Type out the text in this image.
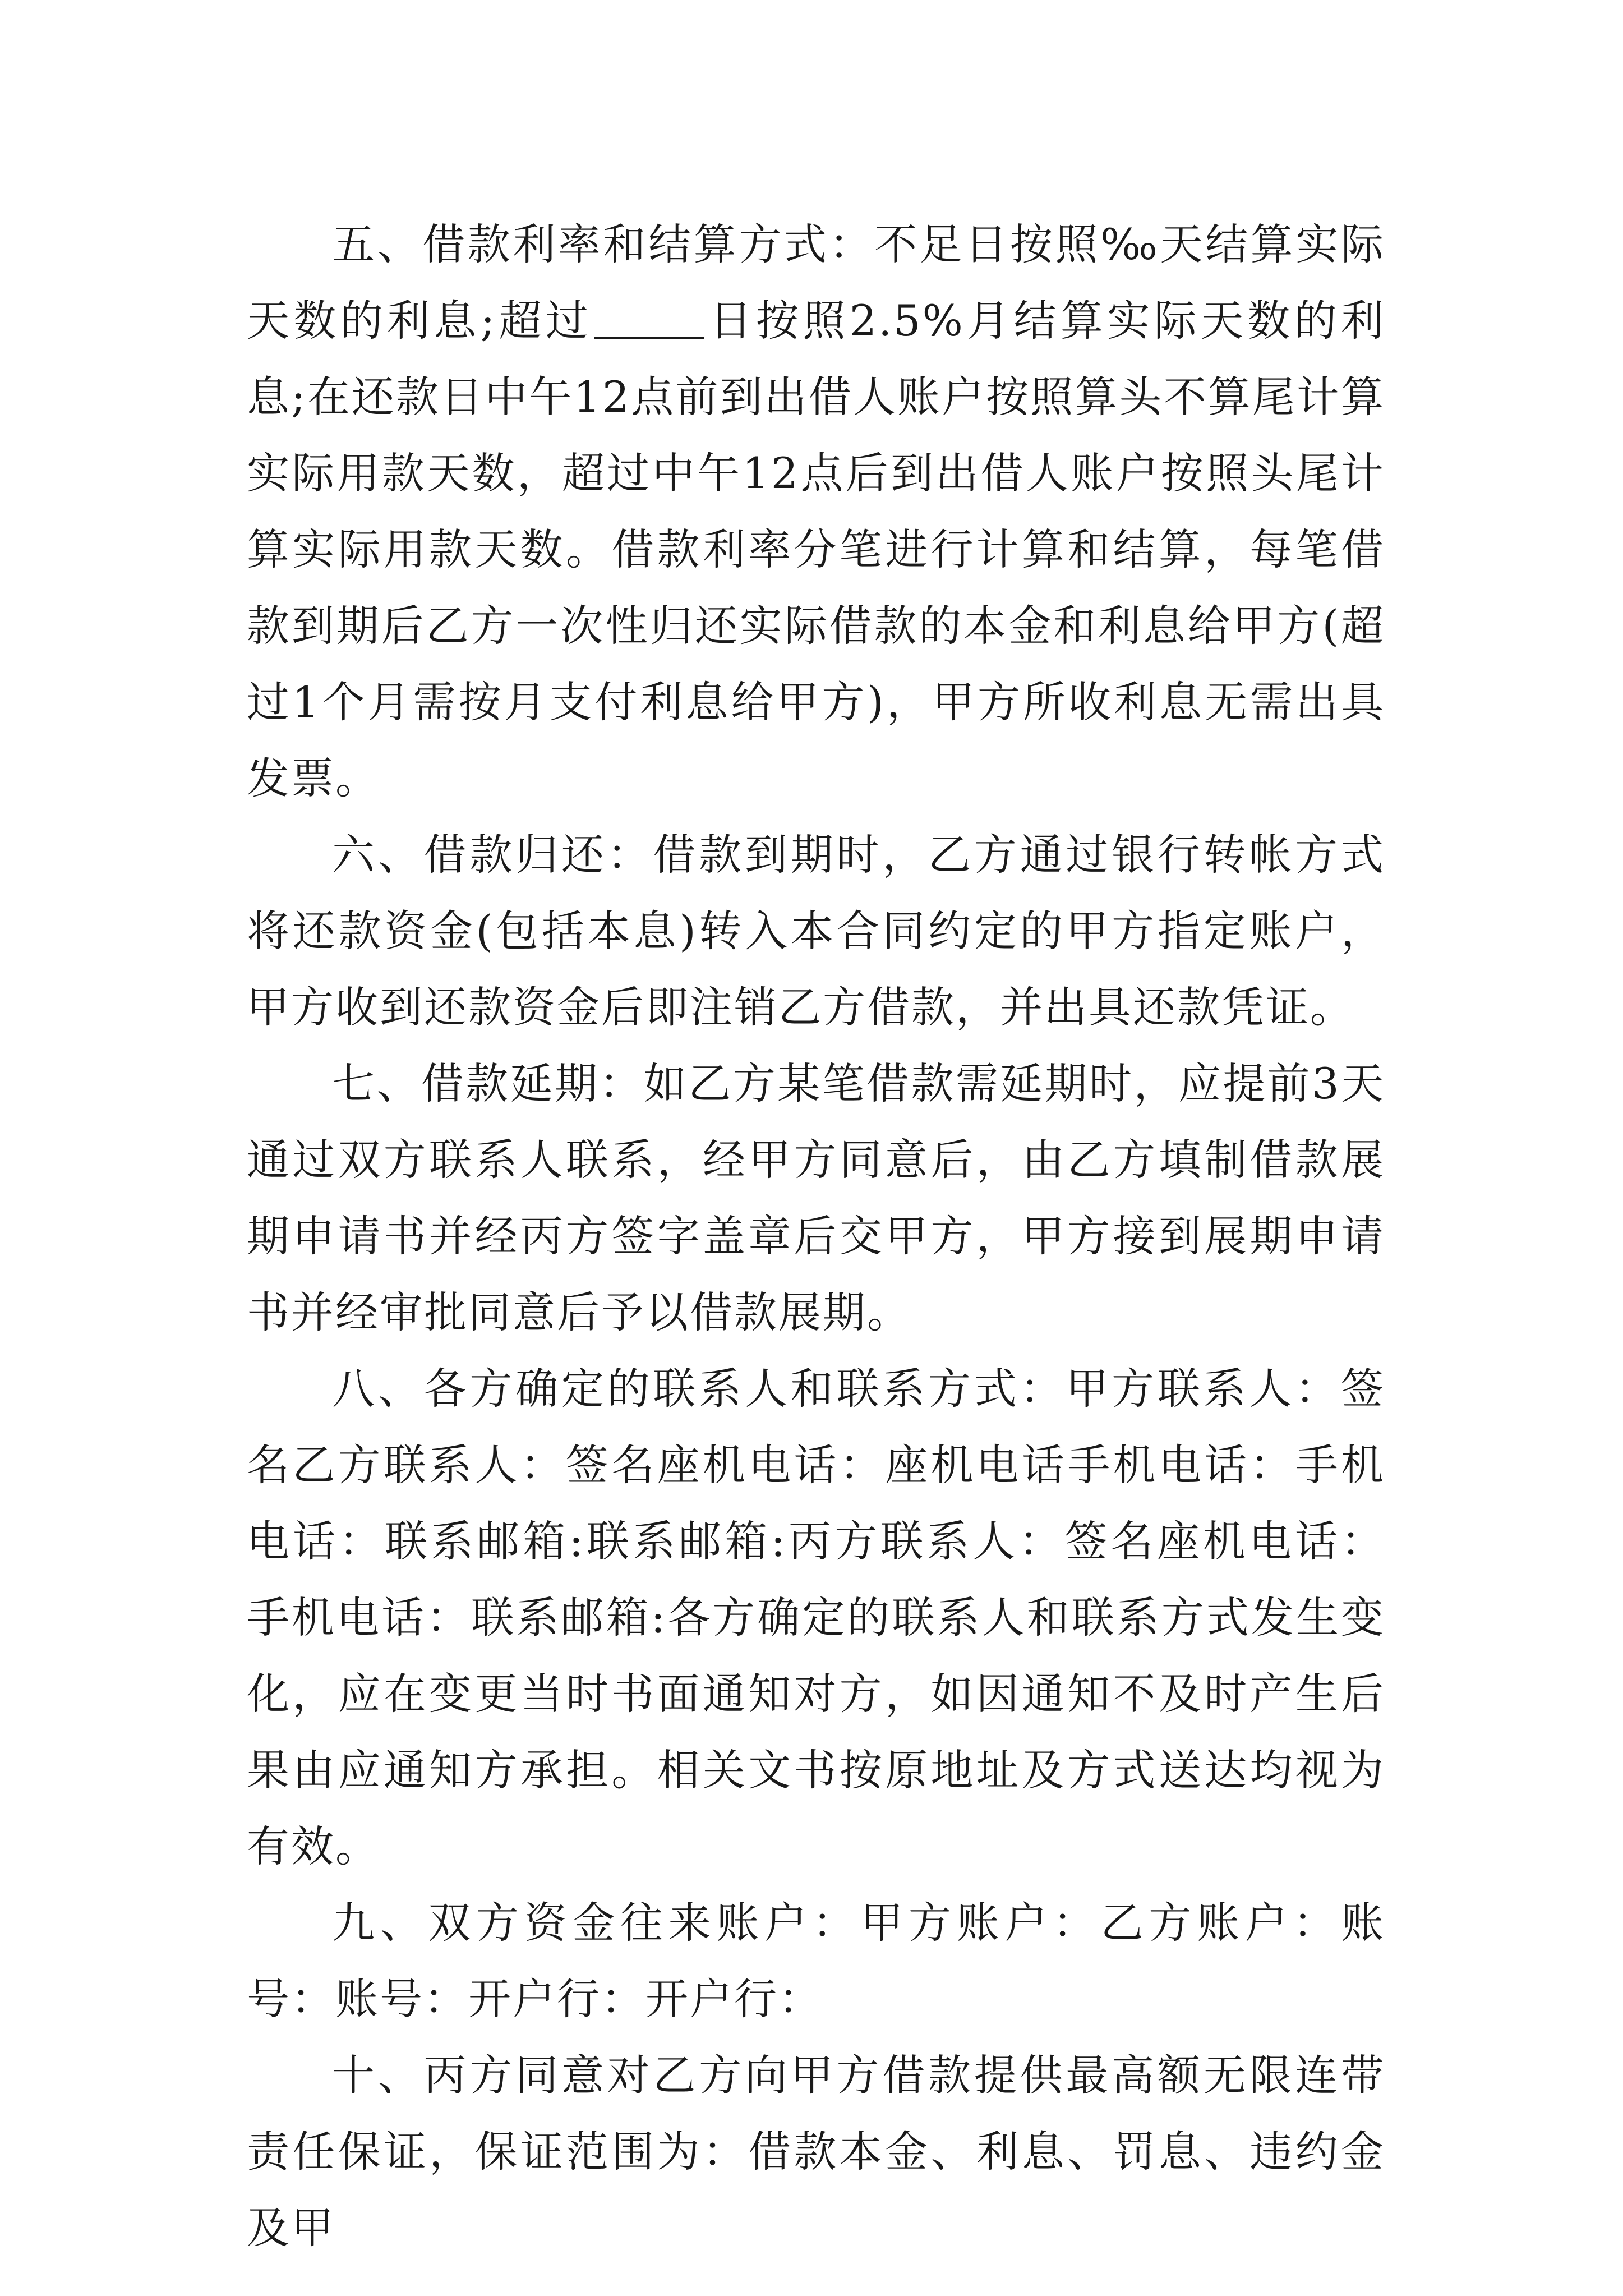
五、借款利率和结算方式：不足日按照‰天结算实际天数的利息;超过	日按照2.5%月结算实际天数的利息;在还款日中午12点前到出借人账户按照算头不算尾计算实际用款天数，超过中午12点后到出借人账户按照头尾计算实际用款天数。借款利率分笔进行计算和结算，每笔借款到期后乙方一次性归还实际借款的本金和利息给甲方(超过1个月需按月支付利息给甲方)，甲方所收利息无需出具发票。

六、借款归还：借款到期时，乙方通过银行转帐方式将还款资金(包括本息)转入本合同约定的甲方指定账户，甲方收到还款资金后即注销乙方借款，并出具还款凭证。

七、借款延期：如乙方某笔借款需延期时，应提前3天通过双方联系人联系，经甲方同意后，由乙方填制借款展期申请书并经丙方签字盖章后交甲方，甲方接到展期申请书并经审批同意后予以借款展期。

八、各方确定的联系人和联系方式：甲方联系人：签名乙方联系人：签名座机电话：座机电话手机电话：手机电话：联系邮箱:联系邮箱:丙方联系人：签名座机电话：手机电话：联系邮箱:各方确定的联系人和联系方式发生变化，应在变更当时书面通知对方，如因通知不及时产生后果由应通知方承担。相关文书按原地址及方式送达均视为有效。

九、双方资金往来账户：甲方账户：乙方账户：账号：账号：开户行：开户行：

十、丙方同意对乙方向甲方借款提供最高额无限连带责任保证，保证范围为：借款本金、利息、罚息、违约金及甲
